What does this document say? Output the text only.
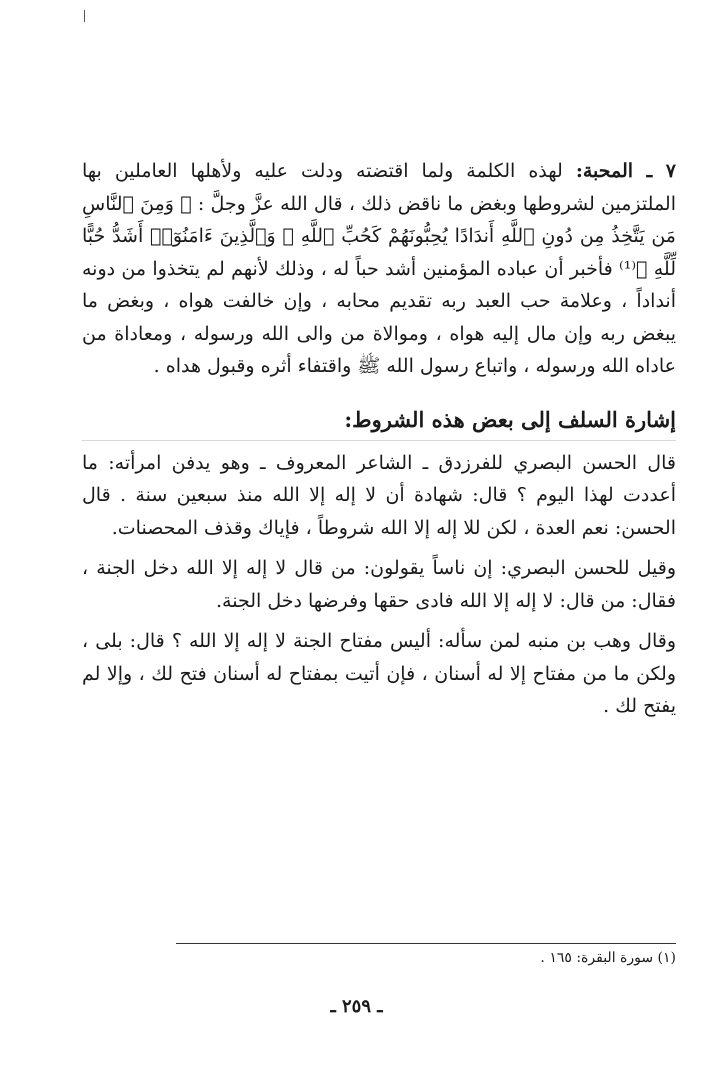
٧ ـ المحبة: لهذه الكلمة ولما اقتضته ودلت عليه ولأهلها العاملين بها الملتزمين لشروطها وبغض ما ناقض ذلك ، قال الله عزَّ وجلَّ : ﴿ وَمِنَ ٱلنَّاسِ مَن يَتَّخِذُ مِن دُونِ ٱللَّهِ أَندَادًا يُحِبُّونَهُمْ كَحُبِّ ٱللَّهِ ۖ وَٱلَّذِينَ ءَامَنُوٓا۟ أَشَدُّ حُبًّا لِّلَّهِ ﴾⁽¹⁾ فأخبر أن عباده المؤمنين أشد حباً له ، وذلك لأنهم لم يتخذوا من دونه أنداداً ، وعلامة حب العبد ربه تقديم محابه ، وإن خالفت هواه ، وبغض ما يبغض ربه وإن مال إليه هواه ، وموالاة من والى الله ورسوله ، ومعاداة من عاداه الله ورسوله ، واتباع رسول الله ﷺ واقتفاء أثره وقبول هداه .

إشارة السلف إلى بعض هذه الشروط:

قال الحسن البصري للفرزدق ـ الشاعر المعروف ـ وهو يدفن امرأته: ما أعددت لهذا اليوم ؟ قال: شهادة أن لا إله إلا الله منذ سبعين سنة . قال الحسن: نعم العدة ، لكن للا إله إلا الله شروطاً ، فإياك وقذف المحصنات.

وقيل للحسن البصري: إن ناساً يقولون: من قال لا إله إلا الله دخل الجنة ، فقال: من قال: لا إله إلا الله فادى حقها وفرضها دخل الجنة.

وقال وهب بن منبه لمن سأله: أليس مفتاح الجنة لا إله إلا الله ؟ قال: بلى ، ولكن ما من مفتاح إلا له أسنان ، فإن أتيت بمفتاح له أسنان فتح لك ، وإلا لم يفتح لك .

(١) سورة البقرة: ١٦٥ .
ـ ٢٥٩ ـ
